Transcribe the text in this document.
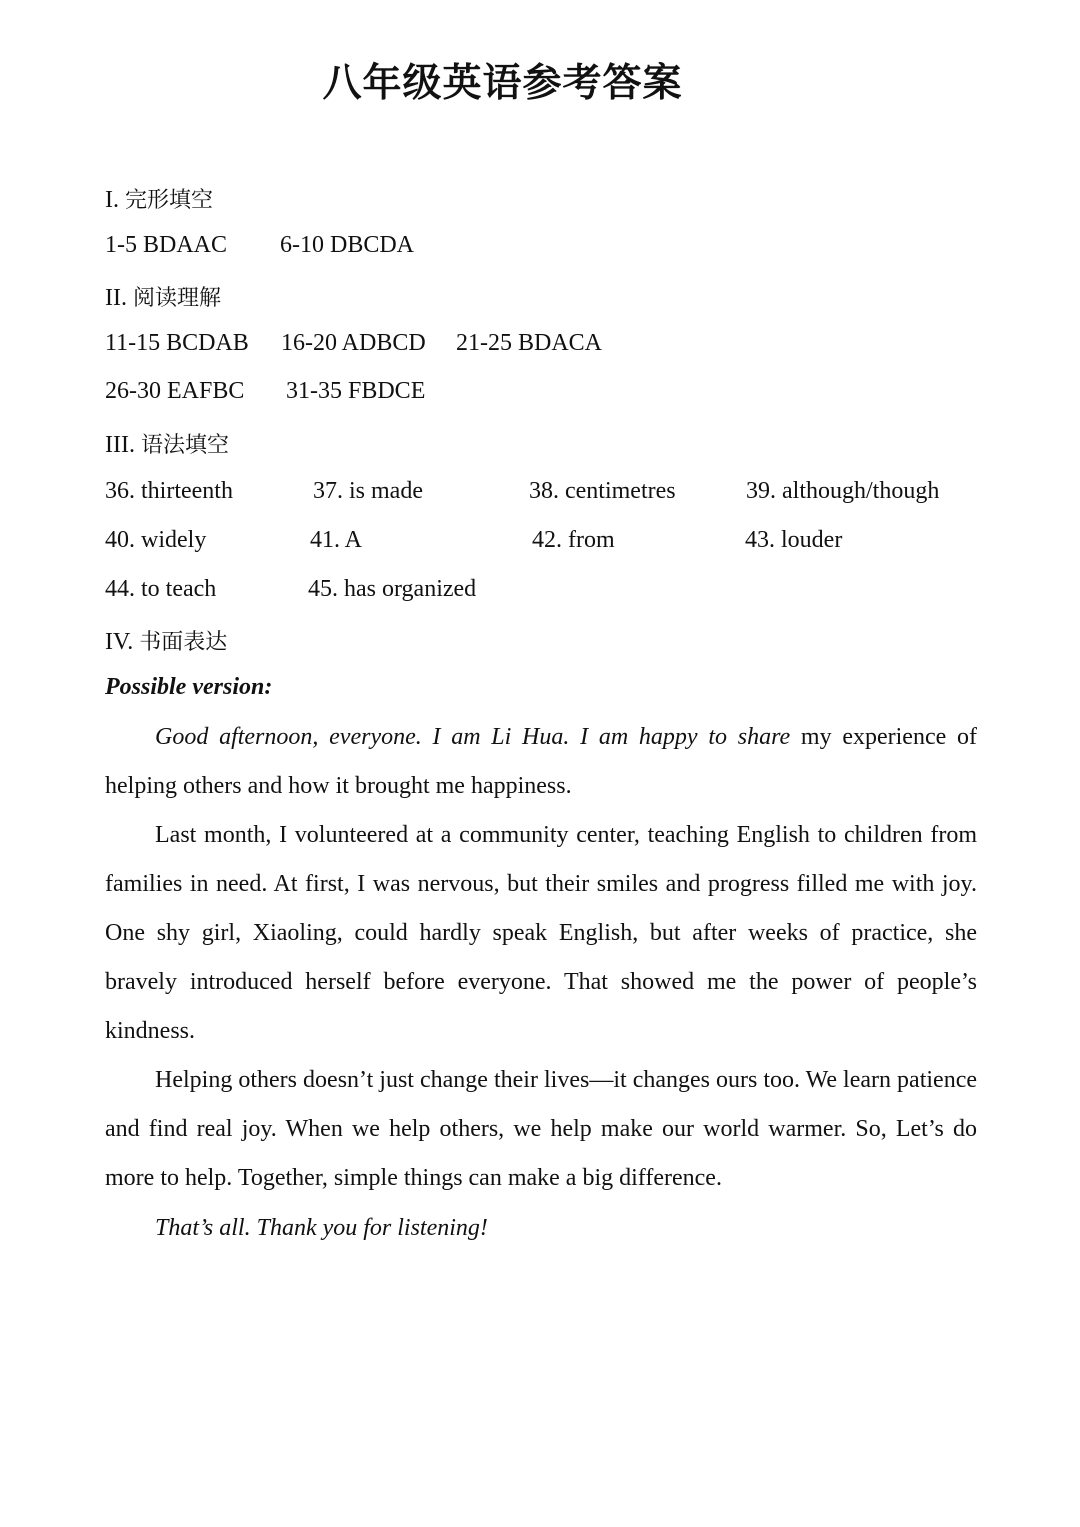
八年级英语参考答案
I. 完形填空
1-5 BDAAC 6-10 DBCDA
II. 阅读理解
11-15 BCDAB 16-20 ADBCD 21-25 BDACA
26-30 EAFBC 31-35 FBDCE
III. 语法填空
36. thirteenth	37. is made	38. centimetres	39. although/though
40. widely	41. A	42. from	43. louder
44. to teach	45. has organized
IV. 书面表达
Possible version:
Good afternoon, everyone. I am Li Hua. I am happy to share my experience of helping others and how it brought me happiness.
Last month, I volunteered at a community center, teaching English to children from families in need. At first, I was nervous, but their smiles and progress filled me with joy. One shy girl, Xiaoling, could hardly speak English, but after weeks of practice, she bravely introduced herself before everyone. That showed me the power of people’s kindness.
Helping others doesn’t just change their lives—it changes ours too. We learn patience and find real joy. When we help others, we help make our world warmer. So, Let’s do more to help. Together, simple things can make a big difference.
That’s all. Thank you for listening!
